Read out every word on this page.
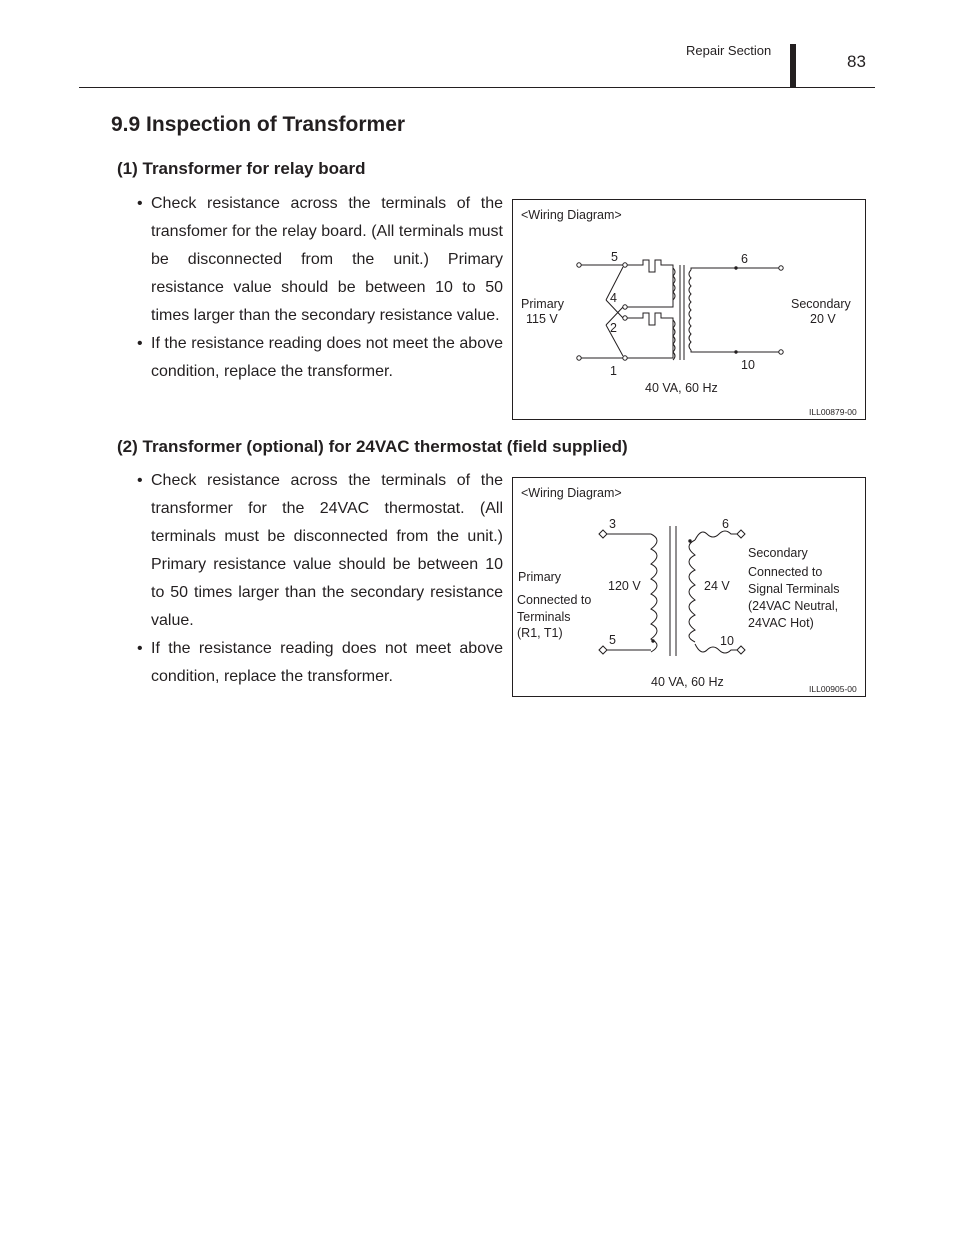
Repair Section
83
9.9 Inspection of Transformer
(1) Transformer for relay board
• Check resistance across the terminals of the transfomer for the relay board. (All terminals must be disconnected from the unit.) Primary resistance value should be between 10 to 50 times larger than the secondary resistance value.
• If the resistance reading does not meet the above condition, replace the transformer.
<Wiring Diagram>
5
4
2
1
6
10
Primary
115 V
Secondary
20 V
40 VA, 60 Hz
ILL00879-00
(2) Transformer (optional) for 24VAC thermostat (field supplied)
• Check resistance across the terminals of the transformer for the 24VAC thermostat. (All terminals must be disconnected from the unit.) Primary resistance value should be between 10 to 50 times larger than the secondary resistance value.
• If the resistance reading does not meet above condition, replace the transformer.
<Wiring Diagram>
3
5
6
10
120 V	24 V
Primary
Connected to
Terminals
(R1, T1)
Secondary
Connected to
Signal Terminals
(24VAC Neutral,
24VAC Hot)
40 VA, 60 Hz	ILL00905-00
